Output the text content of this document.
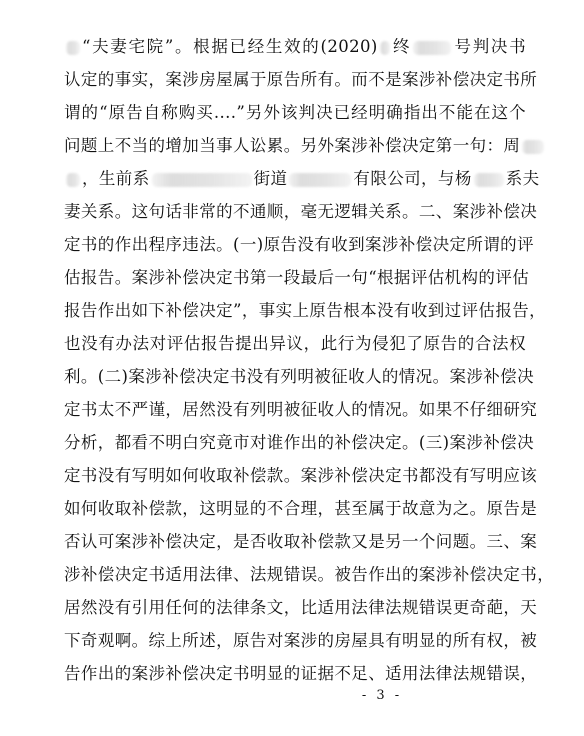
“夫妻宅院”。根据已经生效的(2020) 终	号判决书
认定的事实，案涉房屋属于原告所有。而不是案涉补偿决定书所
谓的“原告自称购买....”另外该判决已经明确指出不能在这个
问题上不当的增加当事人讼累。另外案涉补偿决定第一句：周
，生前系	街道	有限公司，与杨 系夫
妻关系。这句话非常的不通顺，毫无逻辑关系。二、案涉补偿决
定书的作出程序违法。(一)原告没有收到案涉补偿决定所谓的评
估报告。案涉补偿决定书第一段最后一句“根据评估机构的评估
报告作出如下补偿决定”，事实上原告根本没有收到过评估报告，
也没有办法对评估报告提出异议，此行为侵犯了原告的合法权
利。(二)案涉补偿决定书没有列明被征收人的情况。案涉补偿决
定书太不严谨，居然没有列明被征收人的情况。如果不仔细研究
分析，都看不明白究竟市对谁作出的补偿决定。(三)案涉补偿决
定书没有写明如何收取补偿款。案涉补偿决定书都没有写明应该
如何收取补偿款，这明显的不合理，甚至属于故意为之。原告是
否认可案涉补偿决定，是否收取补偿款又是另一个问题。三、案
涉补偿决定书适用法律、法规错误。被告作出的案涉补偿决定书，
居然没有引用任何的法律条文，比适用法律法规错误更奇葩，天
下奇观啊。综上所述，原告对案涉的房屋具有明显的所有权，被
告作出的案涉补偿决定书明显的证据不足、适用法律法规错误，
- 3 -
